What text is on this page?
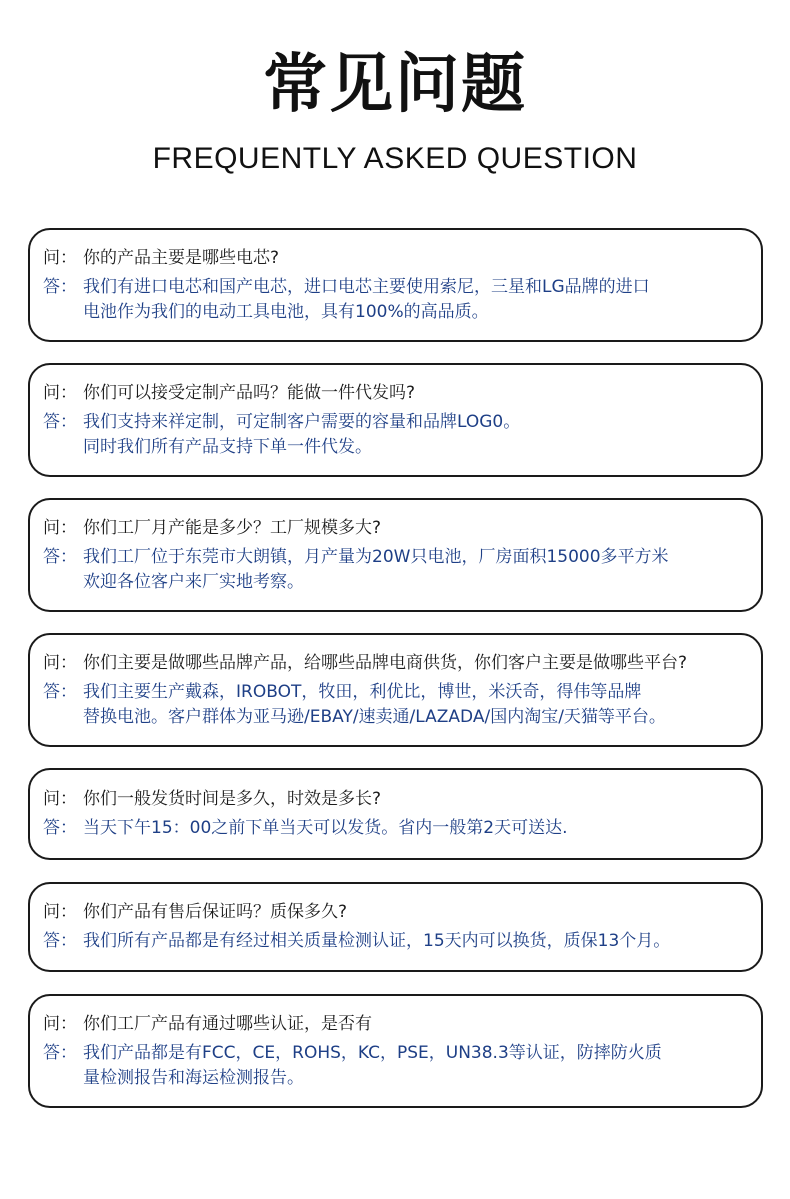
常见问题
FREQUENTLY ASKED QUESTION
问： 你的产品主要是哪些电芯?
答： 我们有进口电芯和国产电芯，进口电芯主要使用索尼，三星和LG品牌的进口
电池作为我们的电动工具电池，具有100%的高品质。
问： 你们可以接受定制产品吗？能做一件代发吗?
答： 我们支持来祥定制，可定制客户需要的容量和品牌LOG0。
同时我们所有产品支持下单一件代发。
问： 你们工厂月产能是多少？工厂规模多大?
答： 我们工厂位于东莞市大朗镇，月产量为20W只电池，厂房面积15000多平方米
欢迎各位客户来厂实地考察。
问： 你们主要是做哪些品牌产品，给哪些品牌电商供货，你们客户主要是做哪些平台?
答： 我们主要生产戴森，IROBOT，牧田，利优比，博世，米沃奇，得伟等品牌
替换电池。客户群体为亚马逊/EBAY/速卖通/LAZADA/国内淘宝/天猫等平台。
问： 你们一般发货时间是多久，时效是多长?
答： 当天下午15：00之前下单当天可以发货。省内一般第2天可送达.
问： 你们产品有售后保证吗？质保多久?
答： 我们所有产品都是有经过相关质量检测认证，15天内可以换货，质保13个月。
问： 你们工厂产品有通过哪些认证，是否有
答： 我们产品都是有FCC，CE，ROHS，KC，PSE，UN38.3等认证，防摔防火质
量检测报告和海运检测报告。
